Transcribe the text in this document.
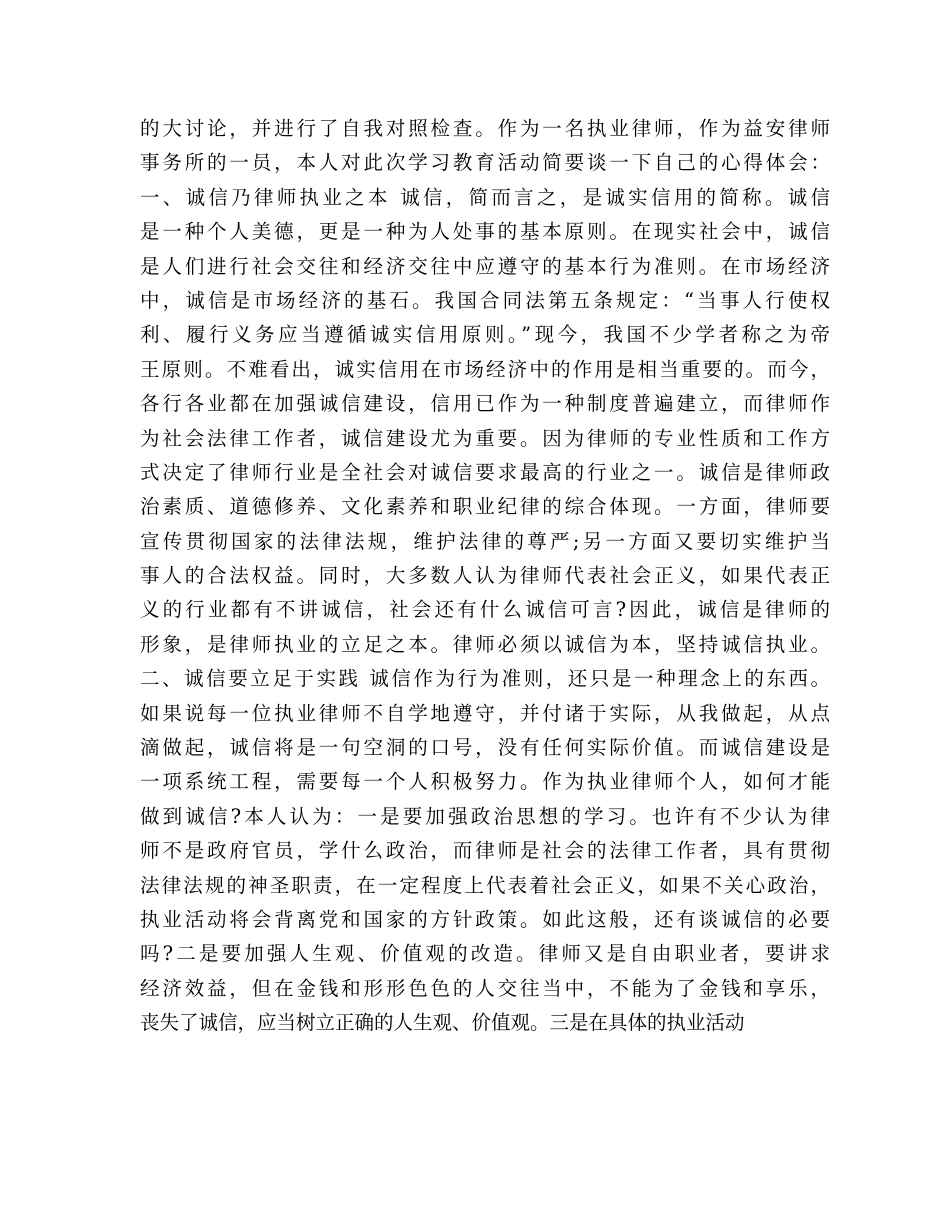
的大讨论，并进行了自我对照检查。作为一名执业律师，作为益安律师
事务所的一员，本人对此次学习教育活动简要谈一下自己的心得体会：
一、诚信乃律师执业之本 诚信，简而言之，是诚实信用的简称。诚信
是一种个人美德，更是一种为人处事的基本原则。在现实社会中，诚信
是人们进行社会交往和经济交往中应遵守的基本行为准则。在市场经济
中，诚信是市场经济的基石。我国合同法第五条规定：“当事人行使权
利、履行义务应当遵循诚实信用原则。”现今，我国不少学者称之为帝
王原则。不难看出，诚实信用在市场经济中的作用是相当重要的。而今，
各行各业都在加强诚信建设，信用已作为一种制度普遍建立，而律师作
为社会法律工作者，诚信建设尤为重要。因为律师的专业性质和工作方
式决定了律师行业是全社会对诚信要求最高的行业之一。诚信是律师政
治素质、道德修养、文化素养和职业纪律的综合体现。一方面，律师要
宣传贯彻国家的法律法规，维护法律的尊严;另一方面又要切实维护当
事人的合法权益。同时，大多数人认为律师代表社会正义，如果代表正
义的行业都有不讲诚信，社会还有什么诚信可言?因此，诚信是律师的
形象，是律师执业的立足之本。律师必须以诚信为本，坚持诚信执业。
二、诚信要立足于实践 诚信作为行为准则，还只是一种理念上的东西。
如果说每一位执业律师不自学地遵守，并付诸于实际，从我做起，从点
滴做起，诚信将是一句空洞的口号，没有任何实际价值。而诚信建设是
一项系统工程，需要每一个人积极努力。作为执业律师个人，如何才能
做到诚信?本人认为：一是要加强政治思想的学习。也许有不少认为律
师不是政府官员，学什么政治，而律师是社会的法律工作者，具有贯彻
法律法规的神圣职责，在一定程度上代表着社会正义，如果不关心政治，
执业活动将会背离党和国家的方针政策。如此这般，还有谈诚信的必要
吗?二是要加强人生观、价值观的改造。律师又是自由职业者，要讲求
经济效益，但在金钱和形形色色的人交往当中，不能为了金钱和享乐，
丧失了诚信，应当树立正确的人生观、价值观。三是在具体的执业活动
